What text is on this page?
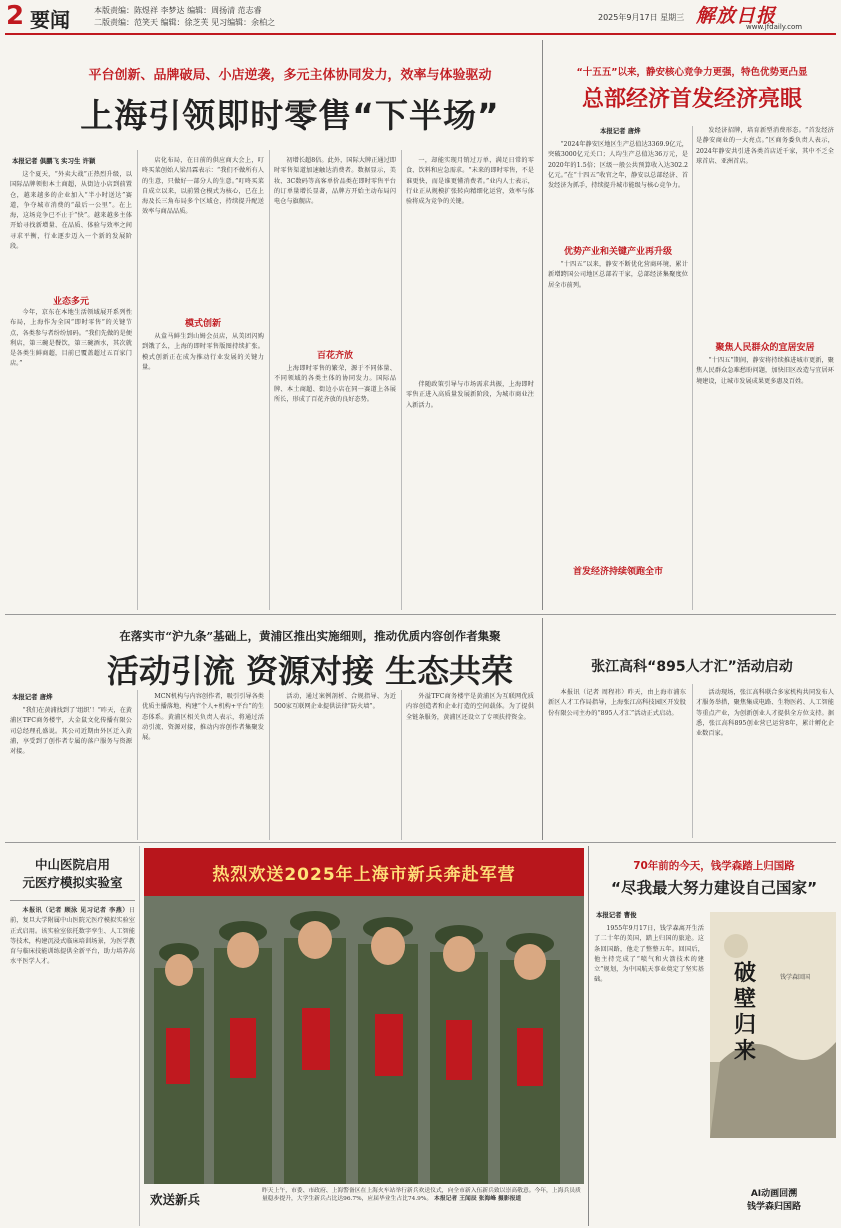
2 要闻	本版责编：陈煜祥 李梦达 编辑：周扬清 范志睿
二版责编：范笑天 编辑：徐芝芙 见习编辑：余柏之
2025年9月17日 星期三 解放日报
www.jfdaily.com
平台创新、品牌破局、小店逆袭，多元主体协同发力，效率与体验驱动
上海引领即时零售“下半场”
本报记者 俱鹏飞 实习生 许颖

这个夏天，“外卖大战”正热烈升级，以国际品牌领衔本土商超，从街边小店到前置仓，越来越多的企业加入“半小时送达”赛道，争夺城市消费的“最后一公里”。在上海，这场竞争已不止于“快”。越来越多主体开始寻找新增量、在品质、体验与效率之间寻求平衡，行业逐步迈入一个新的发展阶段。

业态多元

今年，京东在本地生活领域展开系列性布局，上海作为全国“即时零售”的关键节点，各类参与者纷纷加码。“我们先做的是便利店，第三碗是餐饮，第三碗酒水，其次就是各类生鲜商超，目前已覆盖超过五百家门店。”

店化布局，在日前的供应商大会上，叮咚买菜创始人梁昌霖表示：“我们不做所有人的生意，只做好一部分人的生意。”叮咚买菜自成立以来，以前置仓模式为核心，已在上海及长三角布局多个区域仓，持续提升配送效率与商品品质。

模式创新

从盒马鲜生到山姆会员店，从美团闪购到饿了么，上海的即时零售版图持续扩张。模式创新正在成为推动行业发展的关键力量。

初增长超8倍。此外，国际大牌正通过即时零售渠道加速触达消费者。数据显示，美妆、3C数码等高客单价品类在即时零售平台的订单量增长显著，品牌方开始主动布局闪电仓与旗舰店。

百花齐放

上海即时零售的繁荣，源于不同体量、不同领域的各类主体的协同发力。国际品牌、本土商超、街边小店在同一赛道上各展所长，形成了百花齐放的良好态势。

一，却能实现月销过万单，满足日常的零食、饮料和应急需求。“未来的即时零售，不是谁更快，而是谁更懂消费者。”业内人士表示，行业正从规模扩张转向精细化运营，效率与体验将成为竞争的关键。

伴随政策引导与市场需求共振，上海即时零售正进入高质量发展新阶段，为城市商业注入新活力。

“十五五”以来，静安核心竞争力更强，特色优势更凸显
总部经济首发经济亮眼
本报记者 唐烨

“2024年静安区地区生产总值达3369.9亿元，突破3000亿元关口；人均生产总值达36万元，是2020年的1.5倍；区级一般公共预算收入达302.2亿元。”在“十四五”收官之年，静安以总部经济、首发经济为抓手，持续提升城市能级与核心竞争力。

优势产业和关键产业再升级

“十四五”以来，静安不断优化营商环境，累计新增跨国公司地区总部若干家，总部经济集聚度位居全市前列。

首发经济持续领跑全市

发经济招牌，培育新型消费形态。“首发经济是静安商业的一大亮点。”区商务委负责人表示，2024年静安共引进各类首店近千家，其中不乏全球首店、亚洲首店。

聚焦人民群众的宜居安居

“十四五”期间，静安将持续推进城市更新，聚焦人民群众急难愁盼问题，加快旧区改造与宜居环境建设，让城市发展成果更多惠及百姓。

在落实市“沪九条”基础上，黄浦区推出实施细则，推动优质内容创作者集聚
活动引流 资源对接 生态共荣
本报记者 唐烨

“我们在黄浦找到了‘组织’！”昨天，在黄浦区TFC商务楼宇，大金鼠文化传播有限公司总经理孔盛说。其公司近期由外区迁入黄浦，享受到了创作者专属的落户服务与资源对接。

MCN机构与内容创作者，吸引引导各类优质主播落地，构建“个人+机构+平台”的生态体系。黄浦区相关负责人表示，将通过活动引流、资源对接，推动内容创作者集聚发展。

活动，通过案例剖析、合规指导、为近500家互联网企业提供法律“防火墙”。

外溢TFC商务楼宇是黄浦区为互联网优质内容创造者和企业打造的空间载体。为了提供全链条服务，黄浦区还设立了专项扶持资金。

张江高科“895人才汇”活动启动

本报讯（记者 周程祎）昨天，由上海市浦东新区人才工作局指导，上海张江高科技园区开发股份有限公司主办的“895人才汇”活动正式启动。

活动现场，张江高科联合多家机构共同发布人才服务举措，聚焦集成电路、生物医药、人工智能等重点产业，为创新创业人才提供全方位支持。据悉，张江高科895创业营已运营8年，累计孵化企业数百家。

中山医院启用
元医疗模拟实验室

本报讯（记者 顾泳 见习记者 李燕）日前，复旦大学附属中山医院元医疗模拟实验室正式启用。该实验室依托数字孪生、人工智能等技术，构建沉浸式临床培训场景，为医学教育与临床技能训练提供全新平台，助力培养高水平医学人才。

热烈欢送2025年上海市新兵奔赴军营
欢送新兵
昨天上午，市委、市政府、上海警备区在上海火车站举行新兵欢送仪式，向全市新入伍新兵致以崇高敬意。今年，上海兵员质量稳步提升，大学生新兵占比达96.7%，应届毕业生占比74.9%。 本报记者 王闻辰 张海峰 摄影报道
70年前的今天，钱学森踏上归国路
“尽我最大努力建设自己国家”
本报记者 曹俊

1955年9月17日，钱学森离开生活了二十年的美国，踏上归国的旅途。这条回国路，他走了整整五年。回国后，他主持完成了“喷气和火箭技术的建立”规划，为中国航天事业奠定了坚实基础。	破壁归来
钱学森回国
AI动画回溯
钱学森归国路
